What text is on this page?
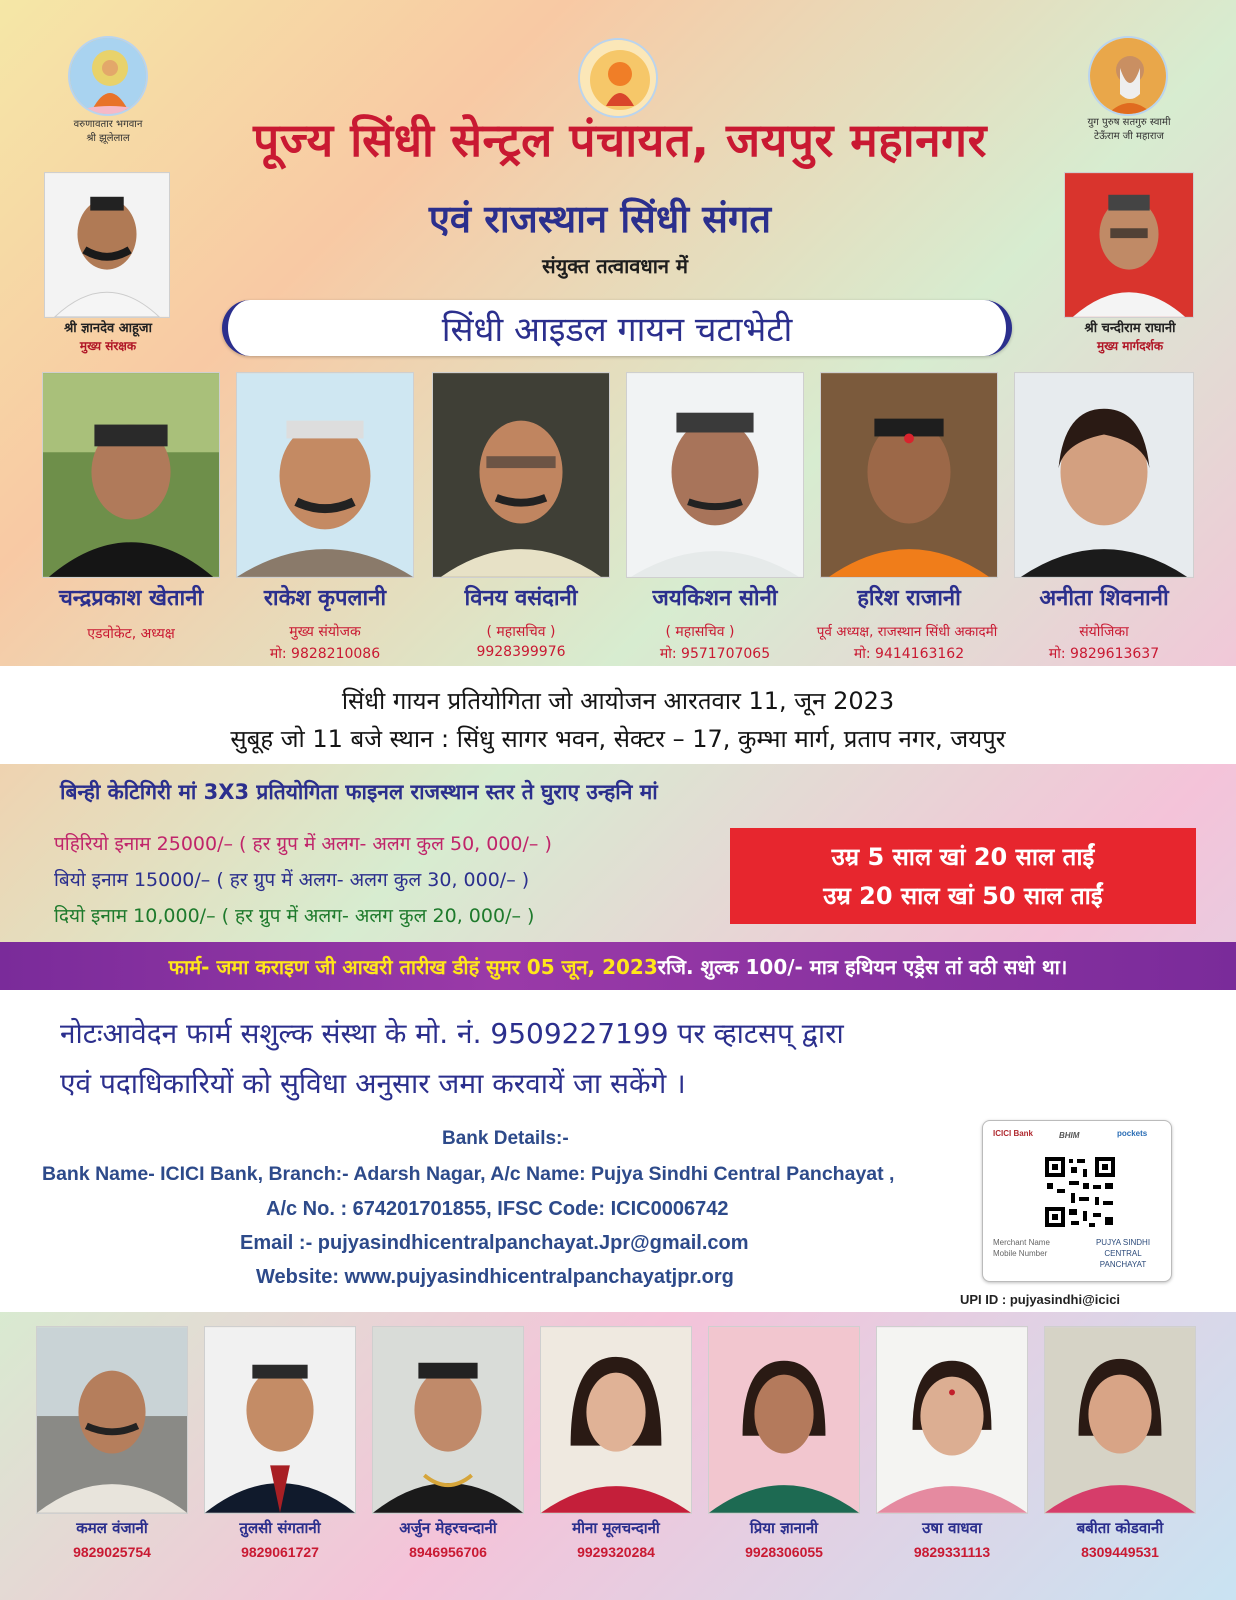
वरुणावतार भगवान
श्री झूलेलाल
युग पुरुष सतगुरु स्वामी
टेऊँराम जी महाराज
पूज्य सिंधी सेन्ट्रल पंचायत, जयपुर महानगर
एवं राजस्थान सिंधी संगत
संयुक्त तत्वावधान में
सिंधी आइडल गायन चटाभेटी
श्री ज्ञानदेव आहूजा
मुख्य संरक्षक
श्री चन्दीराम राघानी
मुख्य मार्गदर्शक
चन्द्रप्रकाश खेतानी
एडवोकेट, अध्यक्ष
राकेश कृपलानी
मुख्य संयोजक
मो: 9828210086
विनय वसंदानी
( महासचिव )
9928399976
जयकिशन सोनी
( महासचिव )
मो: 9571707065
हरिश राजानी
पूर्व अध्यक्ष, राजस्थान सिंधी अकादमी
मो: 9414163162
अनीता शिवनानी
संयोजिका
मो: 9829613637
सिंधी गायन प्रतियोगिता जो आयोजन आरतवार 11, जून 2023
सुबूह जो 11 बजे स्थान : सिंधु सागर भवन, सेक्टर – 17, कुम्भा मार्ग, प्रताप नगर, जयपुर
बिन्ही केटिगिरी मां 3X3 प्रतियोगिता फाइनल राजस्थान स्तर ते घुराए उन्हनि मां
पहिरियो इनाम 25000/– ( हर ग्रुप में अलग- अलग कुल 50, 000/– )
बियो इनाम 15000/– ( हर ग्रुप में अलग- अलग कुल 30, 000/– )
दियो इनाम 10,000/– ( हर ग्रुप में अलग- अलग कुल 20, 000/– )
उम्र 5 साल खां 20 साल ताईं
उम्र 20 साल खां 50 साल ताईं
फार्म- जमा कराइण जी आखरी तारीख डीहं सुमर 05 जून, 2023 रजि. शुल्क 100/- मात्र हथियन एड्रेस तां वठी सधो था।
नोटःआवेदन फार्म सशुल्क संस्था के मो. नं. 9509227199 पर व्हाटसप् द्वारा
एवं पदाधिकारियों को सुविधा अनुसार जमा करवायें जा सकेंगे ।
Bank Details:-
Bank Name- ICICI Bank, Branch:- Adarsh Nagar, A/c Name: Pujya Sindhi Central Panchayat ,
A/c No. : 674201701855, IFSC Code: ICIC0006742
Email :- pujyasindhicentralpanchayat.Jpr@gmail.com
Website: www.pujyasindhicentralpanchayatjpr.org
ICICI Bank	BHIM	pockets
Merchant Name
Mobile Number
PUJYA SINDHI
CENTRAL
PANCHAYAT
UPI ID : pujyasindhi@icici
कमल वंजानी
9829025754
तुलसी संगतानी
9829061727
अर्जुन मेहरचन्दानी
8946956706
मीना मूलचन्दानी
9929320284
प्रिया ज्ञानानी
9928306055
उषा वाधवा
9829331113
बबीता कोडवानी
8309449531
